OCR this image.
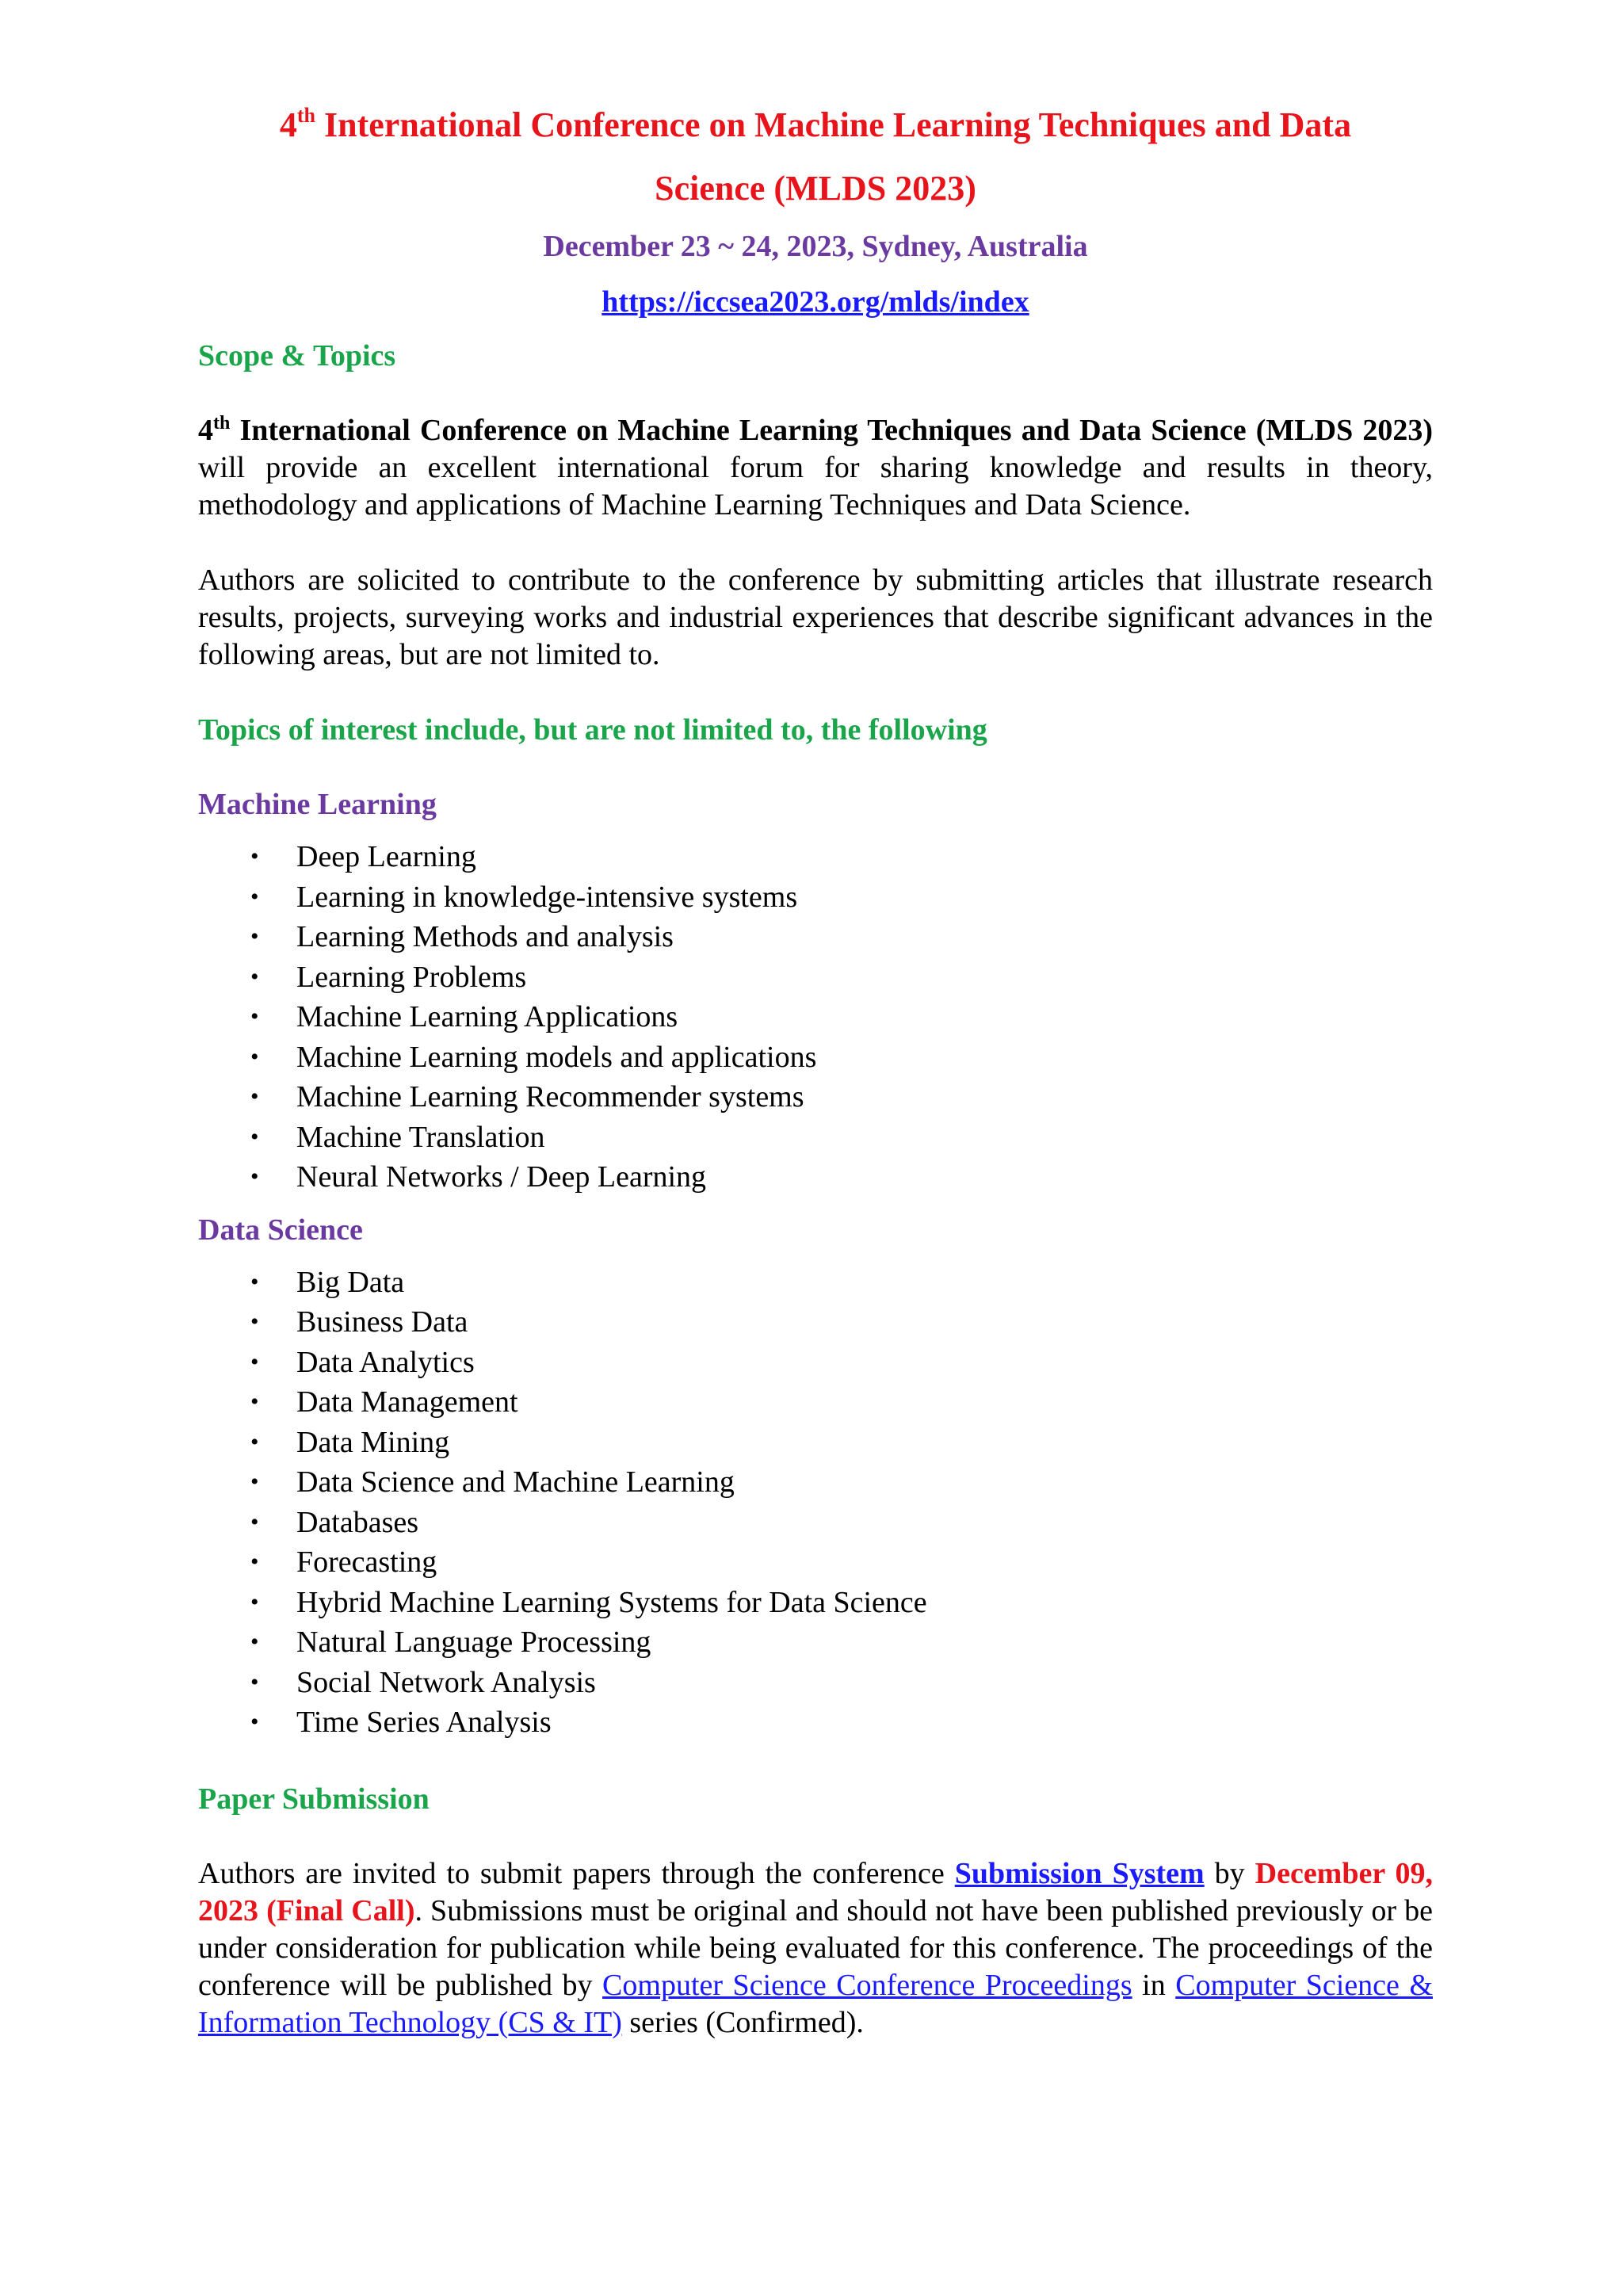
4th International Conference on Machine Learning Techniques and Data
Science (MLDS 2023)
December 23 ~ 24, 2023, Sydney, Australia
https://iccsea2023.org/mlds/index
Scope & Topics

4th International Conference on Machine Learning Techniques and Data Science (MLDS 2023) will provide an excellent international forum for sharing knowledge and results in theory, methodology and applications of Machine Learning Techniques and Data Science.

Authors are solicited to contribute to the conference by submitting articles that illustrate research results, projects, surveying works and industrial experiences that describe significant advances in the following areas, but are not limited to.

Topics of interest include, but are not limited to, the following
Machine Learning
• Deep Learning
• Learning in knowledge-intensive systems
• Learning Methods and analysis
• Learning Problems
• Machine Learning Applications
• Machine Learning models and applications
• Machine Learning Recommender systems
• Machine Translation
• Neural Networks / Deep Learning
Data Science
• Big Data
• Business Data
• Data Analytics
• Data Management
• Data Mining
• Data Science and Machine Learning
• Databases
• Forecasting
• Hybrid Machine Learning Systems for Data Science
• Natural Language Processing
• Social Network Analysis
• Time Series Analysis
Paper Submission

Authors are invited to submit papers through the conference Submission System by December 09, 2023 (Final Call). Submissions must be original and should not have been published previously or be under consideration for publication while being evaluated for this conference. The proceedings of the conference will be published by Computer Science Conference Proceedings in Computer Science & Information Technology (CS & IT) series (Confirmed).
